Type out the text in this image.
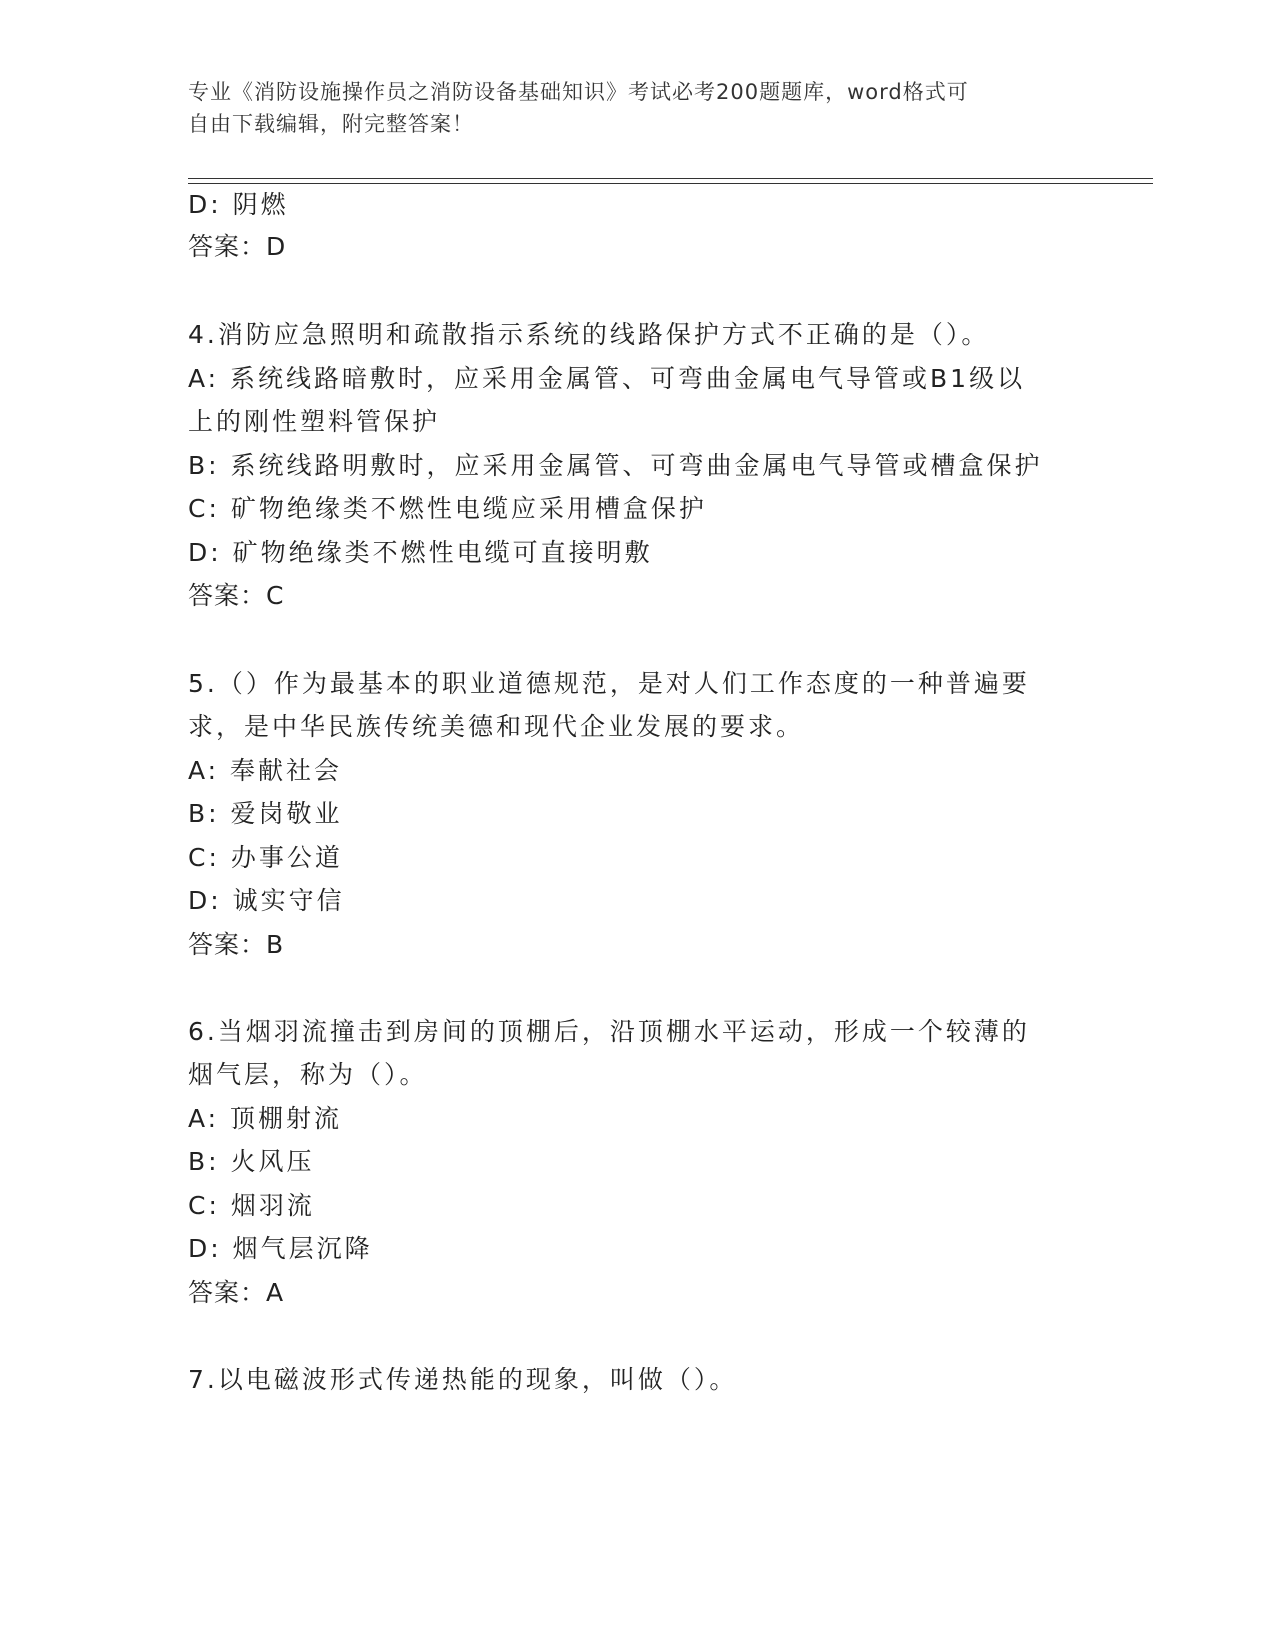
专业《消防设施操作员之消防设备基础知识》考试必考200题题库，word格式可
自由下载编辑，附完整答案！
D: 阴燃
答案：D
4.消防应急照明和疏散指示系统的线路保护方式不正确的是（）。
A: 系统线路暗敷时，应采用金属管、可弯曲金属电气导管或B1级以
上的刚性塑料管保护
B: 系统线路明敷时，应采用金属管、可弯曲金属电气导管或槽盒保护
C: 矿物绝缘类不燃性电缆应采用槽盒保护
D: 矿物绝缘类不燃性电缆可直接明敷
答案：C
5.（）作为最基本的职业道德规范，是对人们工作态度的一种普遍要
求，是中华民族传统美德和现代企业发展的要求。
A: 奉献社会
B: 爱岗敬业
C: 办事公道
D: 诚实守信
答案：B
6.当烟羽流撞击到房间的顶棚后，沿顶棚水平运动，形成一个较薄的
烟气层，称为（）。
A: 顶棚射流
B: 火风压
C: 烟羽流
D: 烟气层沉降
答案：A
7.以电磁波形式传递热能的现象，叫做（）。
